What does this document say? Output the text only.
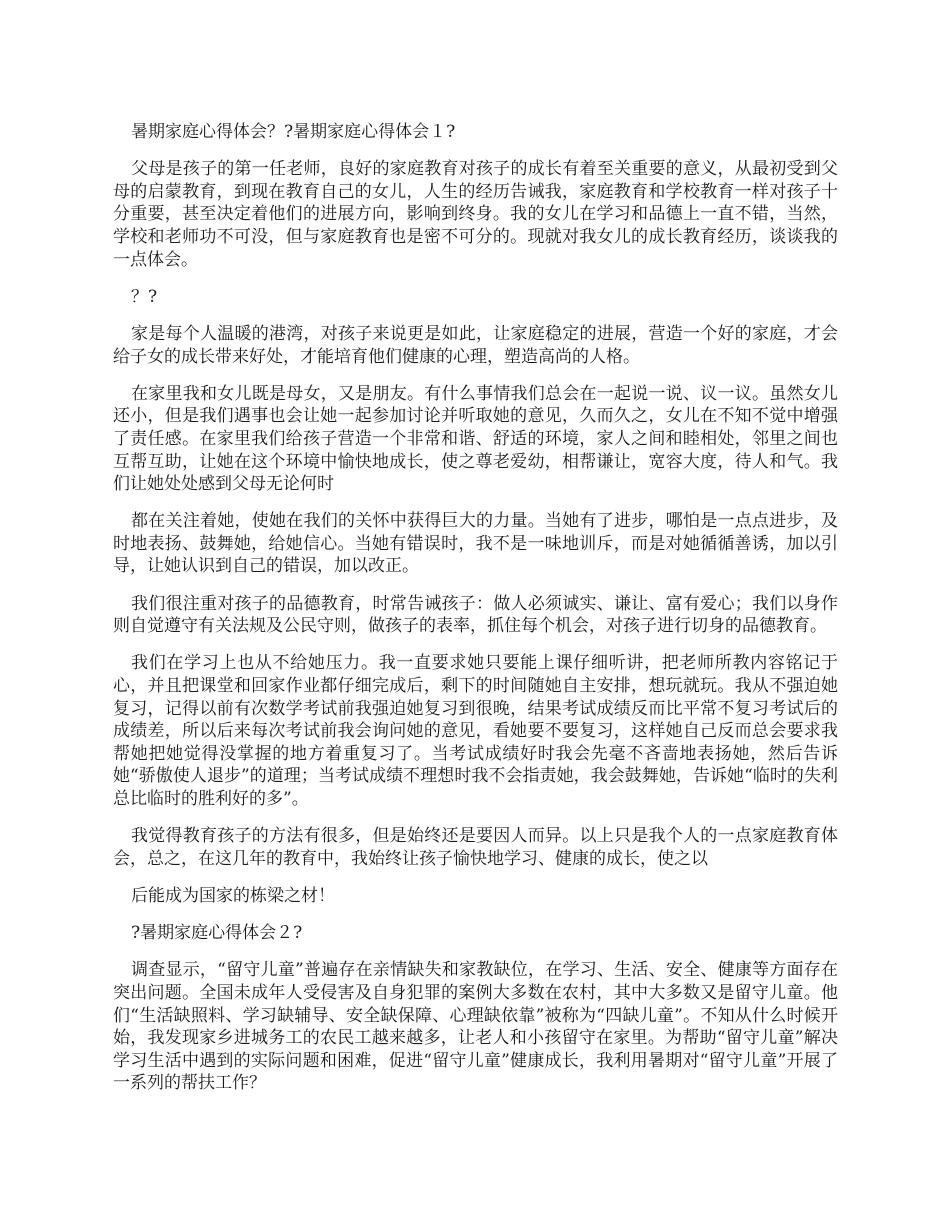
暑期家庭心得体会？?暑期家庭心得体会１?

父母是孩子的第一任老师，良好的家庭教育对孩子的成长有着至关重要的意义，从最初受到父母的启蒙教育，到现在教育自己的女儿，人生的经历告诫我，家庭教育和学校教育一样对孩子十分重要，甚至决定着他们的进展方向，影响到终身。我的女儿在学习和品德上一直不错，当然，学校和老师功不可没，但与家庭教育也是密不可分的。现就对我女儿的成长教育经历，谈谈我的一点体会。

？?

家是每个人温暖的港湾，对孩子来说更是如此，让家庭稳定的进展，营造一个好的家庭，才会给子女的成长带来好处，才能培育他们健康的心理，塑造高尚的人格。

在家里我和女儿既是母女，又是朋友。有什么事情我们总会在一起说一说、议一议。虽然女儿还小，但是我们遇事也会让她一起参加讨论并听取她的意见，久而久之，女儿在不知不觉中增强了责任感。在家里我们给孩子营造一个非常和谐、舒适的环境，家人之间和睦相处，邻里之间也互帮互助，让她在这个环境中愉快地成长，使之尊老爱幼，相帮谦让，宽容大度，待人和气。我们让她处处感到父母无论何时

都在关注着她，使她在我们的关怀中获得巨大的力量。当她有了进步，哪怕是一点点进步，及时地表扬、鼓舞她，给她信心。当她有错误时，我不是一味地训斥，而是对她循循善诱，加以引导，让她认识到自己的错误，加以改正。

我们很注重对孩子的品德教育，时常告诫孩子：做人必须诚实、谦让、富有爱心；我们以身作则自觉遵守有关法规及公民守则，做孩子的表率，抓住每个机会，对孩子进行切身的品德教育。

我们在学习上也从不给她压力。我一直要求她只要能上课仔细听讲，把老师所教内容铭记于心，并且把课堂和回家作业都仔细完成后，剩下的时间随她自主安排，想玩就玩。我从不强迫她复习，记得以前有次数学考试前我强迫她复习到很晚，结果考试成绩反而比平常不复习考试后的成绩差，所以后来每次考试前我会询问她的意见，看她要不要复习，这样她自己反而总会要求我帮她把她觉得没掌握的地方着重复习了。当考试成绩好时我会先毫不吝啬地表扬她，然后告诉她“骄傲使人退步”的道理；当考试成绩不理想时我不会指责她，我会鼓舞她，告诉她“临时的失利总比临时的胜利好的多”。

我觉得教育孩子的方法有很多，但是始终还是要因人而异。以上只是我个人的一点家庭教育体会，总之，在这几年的教育中，我始终让孩子愉快地学习、健康的成长，使之以

后能成为国家的栋梁之材！

?暑期家庭心得体会２?

调查显示，“留守儿童”普遍存在亲情缺失和家教缺位，在学习、生活、安全、健康等方面存在突出问题。全国未成年人受侵害及自身犯罪的案例大多数在农村，其中大多数又是留守儿童。他们“生活缺照料、学习缺辅导、安全缺保障、心理缺依靠”被称为“四缺儿童”。不知从什么时候开始，我发现家乡进城务工的农民工越来越多，让老人和小孩留守在家里。为帮助“留守儿童”解决学习生活中遇到的实际问题和困难，促进“留守儿童”健康成长，我利用暑期对“留守儿童”开展了一系列的帮扶工作？
